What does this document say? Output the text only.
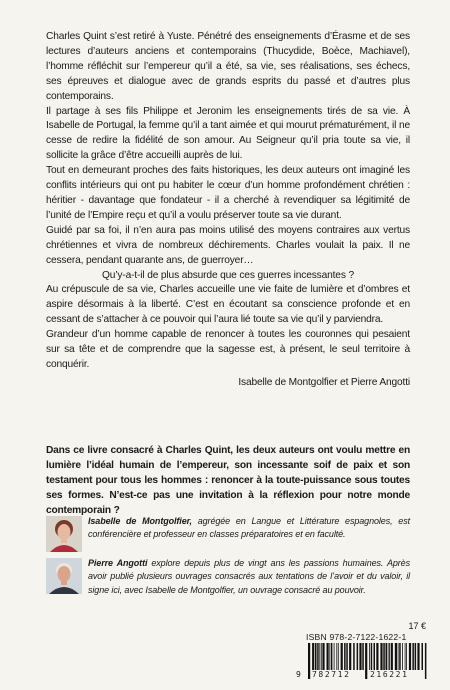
Charles Quint s’est retiré à Yuste. Pénétré des enseignements d’Érasme et de ses lectures d’auteurs anciens et contemporains (Thucydide, Boèce, Machiavel), l’homme réfléchit sur l’empereur qu’il a été, sa vie, ses réalisations, ses échecs, ses épreuves et dialogue avec de grands esprits du passé et d’autres plus contemporains.

Il partage à ses fils Philippe et Jeronim les enseignements tirés de sa vie. À Isabelle de Portugal, la femme qu’il a tant aimée et qui mourut prématurément, il ne cesse de redire la fidélité de son amour. Au Seigneur qu’il pria toute sa vie, il sollicite la grâce d’être accueilli auprès de lui.

Tout en demeurant proches des faits historiques, les deux auteurs ont imaginé les conflits intérieurs qui ont pu habiter le cœur d’un homme profondément chrétien : héritier - davantage que fondateur - il a cherché à revendiquer sa légitimité de l’unité de l’Empire reçu et qu’il a voulu préserver toute sa vie durant.

Guidé par sa foi, il n’en aura pas moins utilisé des moyens contraires aux vertus chrétiennes et vivra de nombreux déchirements. Charles voulait la paix. Il ne cessera, pendant quarante ans, de guerroyer…

Qu’y-a-t-il de plus absurde que ces guerres incessantes ?

Au crépuscule de sa vie, Charles accueille une vie faite de lumière et d’ombres et aspire désormais à la liberté. C’est en écoutant sa conscience profonde et en cessant de s’attacher à ce pouvoir qui l’aura lié toute sa vie qu’il y parviendra.

Grandeur d’un homme capable de renoncer à toutes les couronnes qui pesaient sur sa tête et de comprendre que la sagesse est, à présent, le seul territoire à conquérir.

Isabelle de Montgolfier et Pierre Angotti

Dans ce livre consacré à Charles Quint, les deux auteurs ont voulu mettre en lumière l’idéal humain de l’empereur, son incessante soif de paix et son testament pour tous les hommes : renoncer à la toute-puissance sous toutes ses formes. N’est-ce pas une invitation à la réflexion pour notre monde contemporain ?
Isabelle de Montgolfier, agrégée en Langue et Littérature espagnoles, est conférencière et professeur en classes préparatoires et en faculté.
Pierre Angotti explore depuis plus de vingt ans les passions humaines. Après avoir publié plusieurs ouvrages consacrés aux tentations de l’avoir et du valoir, il signe ici, avec Isabelle de Montgolfier, un ouvrage consacré au pouvoir.
17 €
ISBN 978-2-7122-1622-1
9 782712 216221
